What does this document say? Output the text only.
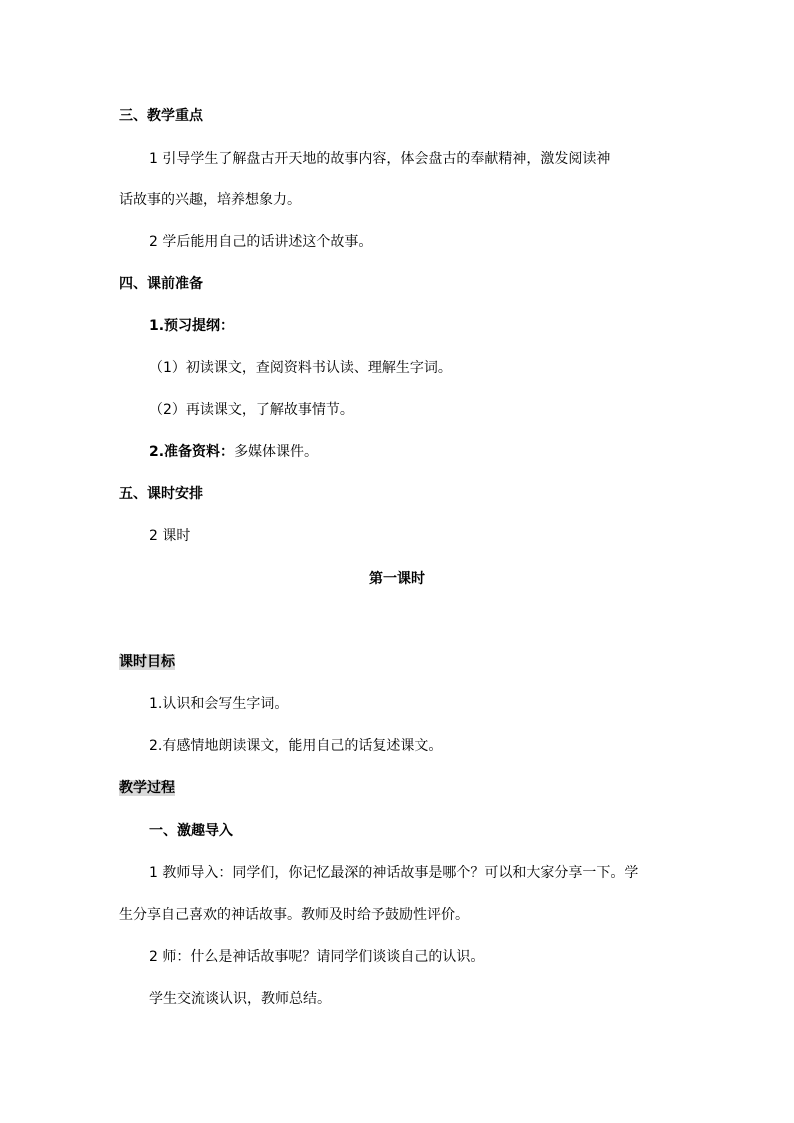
三、教学重点
1 引导学生了解盘古开天地的故事内容，体会盘古的奉献精神，激发阅读神
话故事的兴趣，培养想象力。
2 学后能用自己的话讲述这个故事。
四、课前准备
1.预习提纲：
（1）初读课文，查阅资料书认读、理解生字词。
（2）再读课文，了解故事情节。
2.准备资料：多媒体课件。
五、课时安排
2 课时
第一课时
课时目标
1.认识和会写生字词。
2.有感情地朗读课文，能用自己的话复述课文。
教学过程
一、激趣导入
1 教师导入：同学们，你记忆最深的神话故事是哪个？可以和大家分享一下。学
生分享自己喜欢的神话故事。教师及时给予鼓励性评价。
2 师：什么是神话故事呢？请同学们谈谈自己的认识。
学生交流谈认识，教师总结。
